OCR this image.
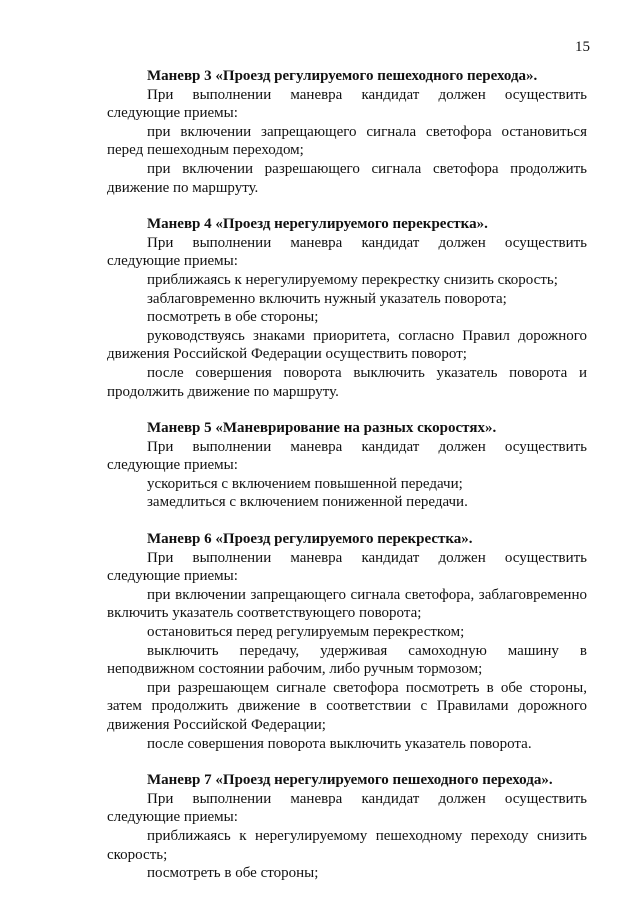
15

Маневр 3 «Проезд регулируемого пешеходного перехода».

При выполнении маневра кандидат должен осуществить следующие приемы:

при включении запрещающего сигнала светофора остановиться перед пешеходным переходом;

при включении разрешающего сигнала светофора продолжить движение по маршруту.

Маневр 4 «Проезд нерегулируемого перекрестка».

При выполнении маневра кандидат должен осуществить следующие приемы:

приближаясь к нерегулируемому перекрестку снизить скорость;

заблаговременно включить нужный указатель поворота;

посмотреть в обе стороны;

руководствуясь знаками приоритета, согласно Правил дорожного движения Российской Федерации осуществить поворот;

после совершения поворота выключить указатель поворота и продолжить движение по маршруту.

Маневр 5 «Маневрирование на разных скоростях».

При выполнении маневра кандидат должен осуществить следующие приемы:

ускориться с включением повышенной передачи;

замедлиться с включением пониженной передачи.

Маневр 6 «Проезд регулируемого перекрестка».

При выполнении маневра кандидат должен осуществить следующие приемы:

при включении запрещающего сигнала светофора, заблаговременно включить указатель соответствующего поворота;

остановиться перед регулируемым перекрестком;

выключить передачу, удерживая самоходную машину в неподвижном состоянии рабочим, либо ручным тормозом;

при разрешающем сигнале светофора посмотреть в обе стороны, затем продолжить движение в соответствии с Правилами дорожного движения Российской Федерации;

после совершения поворота выключить указатель поворота.

Маневр 7 «Проезд нерегулируемого пешеходного перехода».

При выполнении маневра кандидат должен осуществить следующие приемы:

приближаясь к нерегулируемому пешеходному переходу снизить скорость;

посмотреть в обе стороны;
